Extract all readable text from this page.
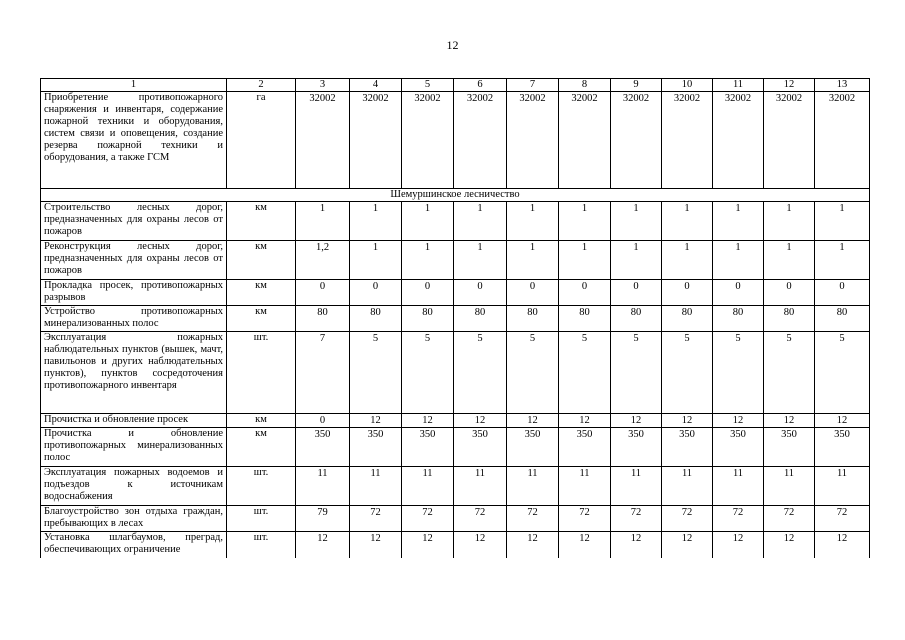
12
1	2	3	4	5	6	7	8	9	10	11	12	13
Приобретение противопожарного снаряжения и инвентаря, содержание пожарной техники и оборудования, систем связи и оповещения, создание резерва пожарной техники и оборудования, а также ГСМ	га	32002	32002	32002	32002	32002	32002	32002	32002	32002	32002	32002
Шемуршинское лесничество												
Строительство лесных дорог, предназначенных для охраны лесов от пожаров	км	1	1	1	1	1	1	1	1	1	1	1
Реконструкция лесных дорог, предназначенных для охраны лесов от пожаров	км	1,2	1	1	1	1	1	1	1	1	1	1
Прокладка просек, противопожарных разрывов	км	0	0	0	0	0	0	0	0	0	0	0
Устройство противопожарных минерализованных полос	км	80	80	80	80	80	80	80	80	80	80	80
Эксплуатация пожарных наблюдательных пунктов (вышек, мачт, павильонов и других наблюдательных пунктов), пунктов сосредоточения противопожарного инвентаря	шт.	7	5	5	5	5	5	5	5	5	5	5
Прочистка и обновление просек	км	0	12	12	12	12	12	12	12	12	12	12
Прочистка и обновление противопожарных минерализованных полос	км	350	350	350	350	350	350	350	350	350	350	350
Эксплуатация пожарных водоемов и подъездов к источникам водоснабжения	шт.	11	11	11	11	11	11	11	11	11	11	11
Благоустройство зон отдыха граждан, пребывающих в лесах	шт.	79	72	72	72	72	72	72	72	72	72	72
Установка шлагбаумов, преград, обеспечивающих ограничение	шт.	12	12	12	12	12	12	12	12	12	12	12
